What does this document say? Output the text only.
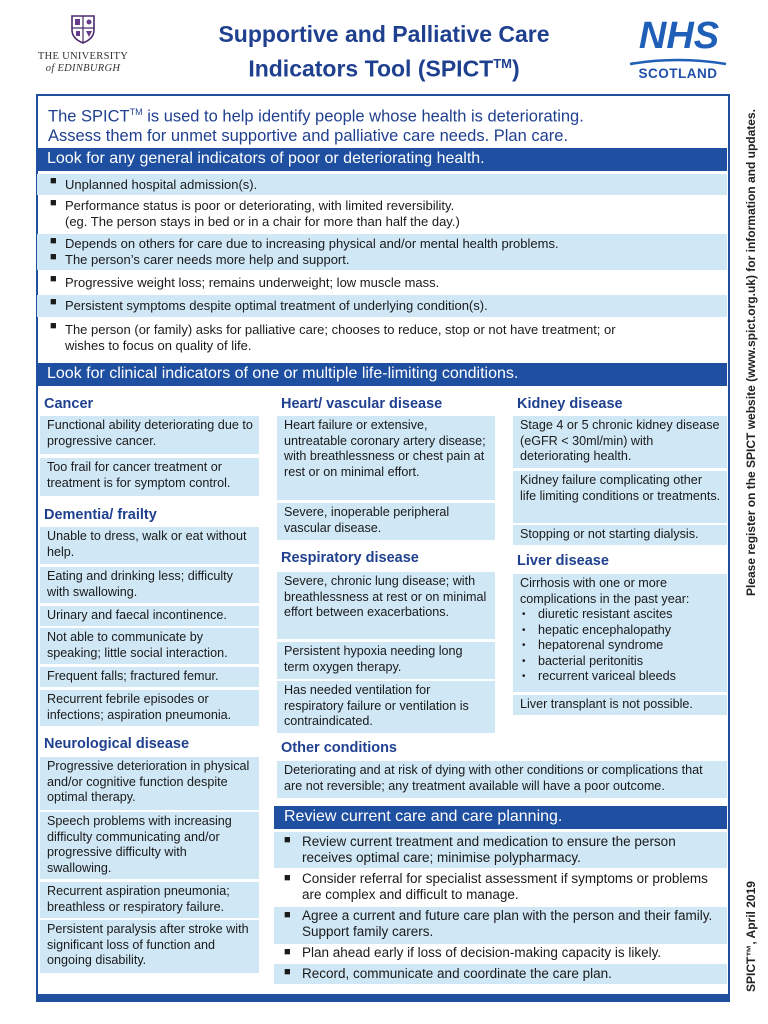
THE UNIVERSITY
of EDINBURGH
Supportive and Palliative Care
Indicators Tool (SPICT™)
NHS
SCOTLAND
The SPICT™ is used to help identify people whose health is deteriorating.
Assess them for unmet supportive and palliative care needs. Plan care.
Look for any general indicators of poor or deteriorating health.
■ Unplanned hospital admission(s).
■ Performance status is poor or deteriorating, with limited reversibility.
(eg. The person stays in bed or in a chair for more than half the day.)
■
■
Depends on others for care due to increasing physical and/or mental health problems.
The person’s carer needs more help and support.
■ Progressive weight loss; remains underweight; low muscle mass.
■ Persistent symptoms despite optimal treatment of underlying condition(s).
■ The person (or family) asks for palliative care; chooses to reduce, stop or not have treatment; or
wishes to focus on quality of life.
Look for clinical indicators of one or multiple life-limiting conditions.
Cancer
Functional ability deteriorating due to progressive cancer.
Too frail for cancer treatment or treatment is for symptom control.
Dementia/ frailty
Unable to dress, walk or eat without help.
Eating and drinking less; difficulty with swallowing.
Urinary and faecal incontinence.
Not able to communicate by speaking; little social interaction.
Frequent falls; fractured femur.
Recurrent febrile episodes or infections; aspiration pneumonia.
Neurological disease
Progressive deterioration in physical and/or cognitive function despite optimal therapy.
Speech problems with increasing difficulty communicating and/or progressive difficulty with swallowing.
Recurrent aspiration pneumonia; breathless or respiratory failure.
Persistent paralysis after stroke with significant loss of function and ongoing disability.
Heart/ vascular disease
Heart failure or extensive, untreatable coronary artery disease; with breathlessness or chest pain at rest or on minimal effort.
Severe, inoperable peripheral vascular disease.
Respiratory disease
Severe, chronic lung disease; with breathlessness at rest or on minimal effort between exacerbations.
Persistent hypoxia needing long term oxygen therapy.
Has needed ventilation for respiratory failure or ventilation is contraindicated.
Other conditions
Kidney disease
Stage 4 or 5 chronic kidney disease (eGFR < 30ml/min) with deteriorating health.
Kidney failure complicating other life limiting conditions or treatments.
Stopping or not starting dialysis.
Liver disease
Cirrhosis with one or more complications in the past year:
• diuretic resistant ascites
• hepatic encephalopathy
• hepatorenal syndrome
• bacterial peritonitis
• recurrent variceal bleeds
Liver transplant is not possible.
Deteriorating and at risk of dying with other conditions or complications that are not reversible; any treatment available will have a poor outcome.
Review current care and care planning.
■ Review current treatment and medication to ensure the person receives optimal care; minimise polypharmacy.
■ Consider referral for specialist assessment if symptoms or problems are complex and difficult to manage.
■ Agree a current and future care plan with the person and their family. Support family carers.
■ Plan ahead early if loss of decision-making capacity is likely.
■ Record, communicate and coordinate the care plan.
Please register on the SPICT website (www.spict.org.uk) for information and updates.
SPICT™, April 2019
